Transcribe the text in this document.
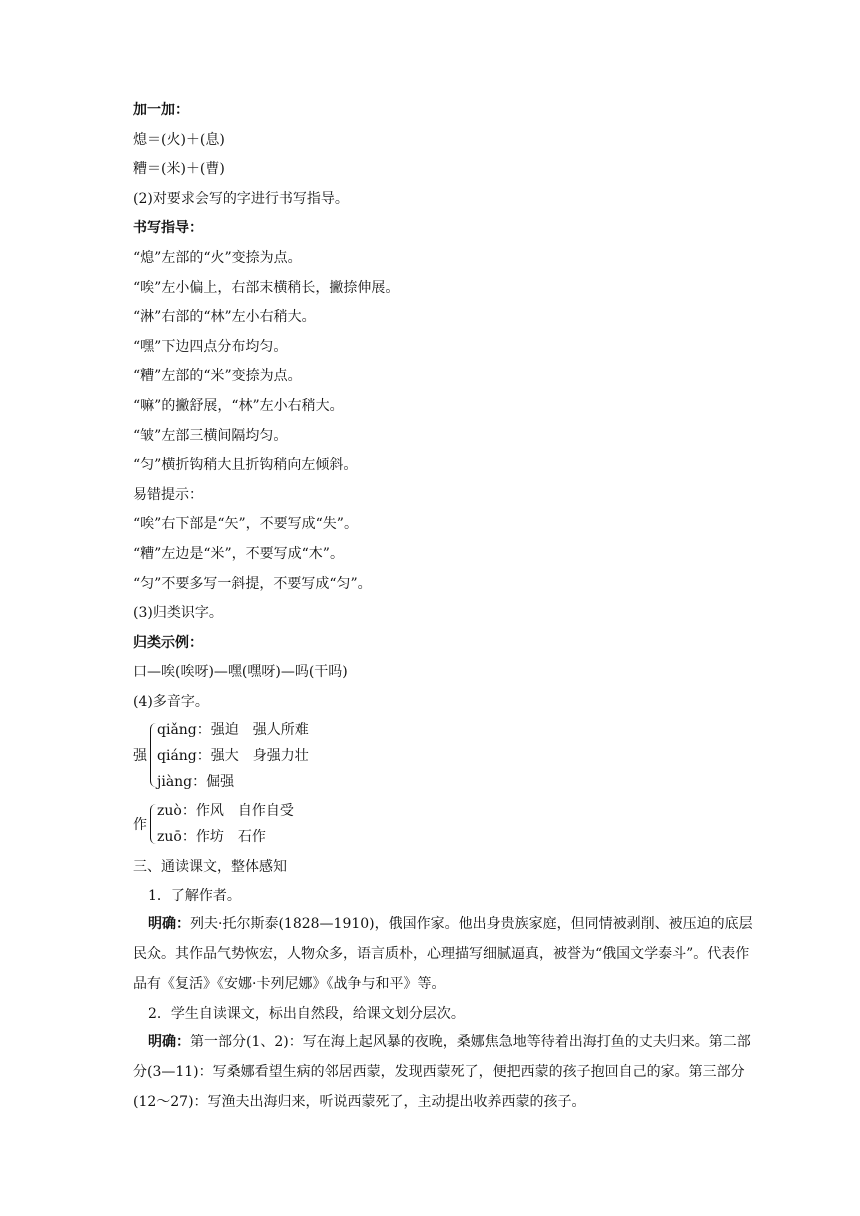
加一加：
熄＝(火)＋(息)
糟＝(米)＋(曹)
(2)对要求会写的字进行书写指导。
书写指导：
“熄”左部的“火”变捺为点。
“唉”左小偏上，右部末横稍长，撇捺伸展。
“淋”右部的“林”左小右稍大。
“嘿”下边四点分布均匀。
“糟”左部的“米”变捺为点。
“嘛”的撇舒展，“林”左小右稍大。
“皱”左部三横间隔均匀。
“匀”横折钩稍大且折钩稍向左倾斜。
易错提示：
“唉”右下部是“矢”，不要写成“失”。
“糟”左边是“米”，不要写成“木”。
“匀”不要多写一斜提，不要写成“匀”。
(3)归类识字。
归类示例：
口—唉(唉呀)—嘿(嘿呀)—吗(干吗)
(4)多音字。
强
qiǎng：强迫　强人所难
qiáng：强大　身强力壮
jiàng：倔强
作
zuò：作风　自作自受
zuō：作坊　石作
三、通读课文，整体感知
1．了解作者。
明确：列夫·托尔斯泰(1828—1910)，俄国作家。他出身贵族家庭，但同情被剥削、被压迫的底层民众。其作品气势恢宏，人物众多，语言质朴，心理描写细腻逼真，被誉为“俄国文学泰斗”。代表作品有《复活》《安娜·卡列尼娜》《战争与和平》等。
2．学生自读课文，标出自然段，给课文划分层次。
明确：第一部分(1、2)：写在海上起风暴的夜晚，桑娜焦急地等待着出海打鱼的丈夫归来。第二部分(3—11)：写桑娜看望生病的邻居西蒙，发现西蒙死了，便把西蒙的孩子抱回自己的家。第三部分(12～27)：写渔夫出海归来，听说西蒙死了，主动提出收养西蒙的孩子。
